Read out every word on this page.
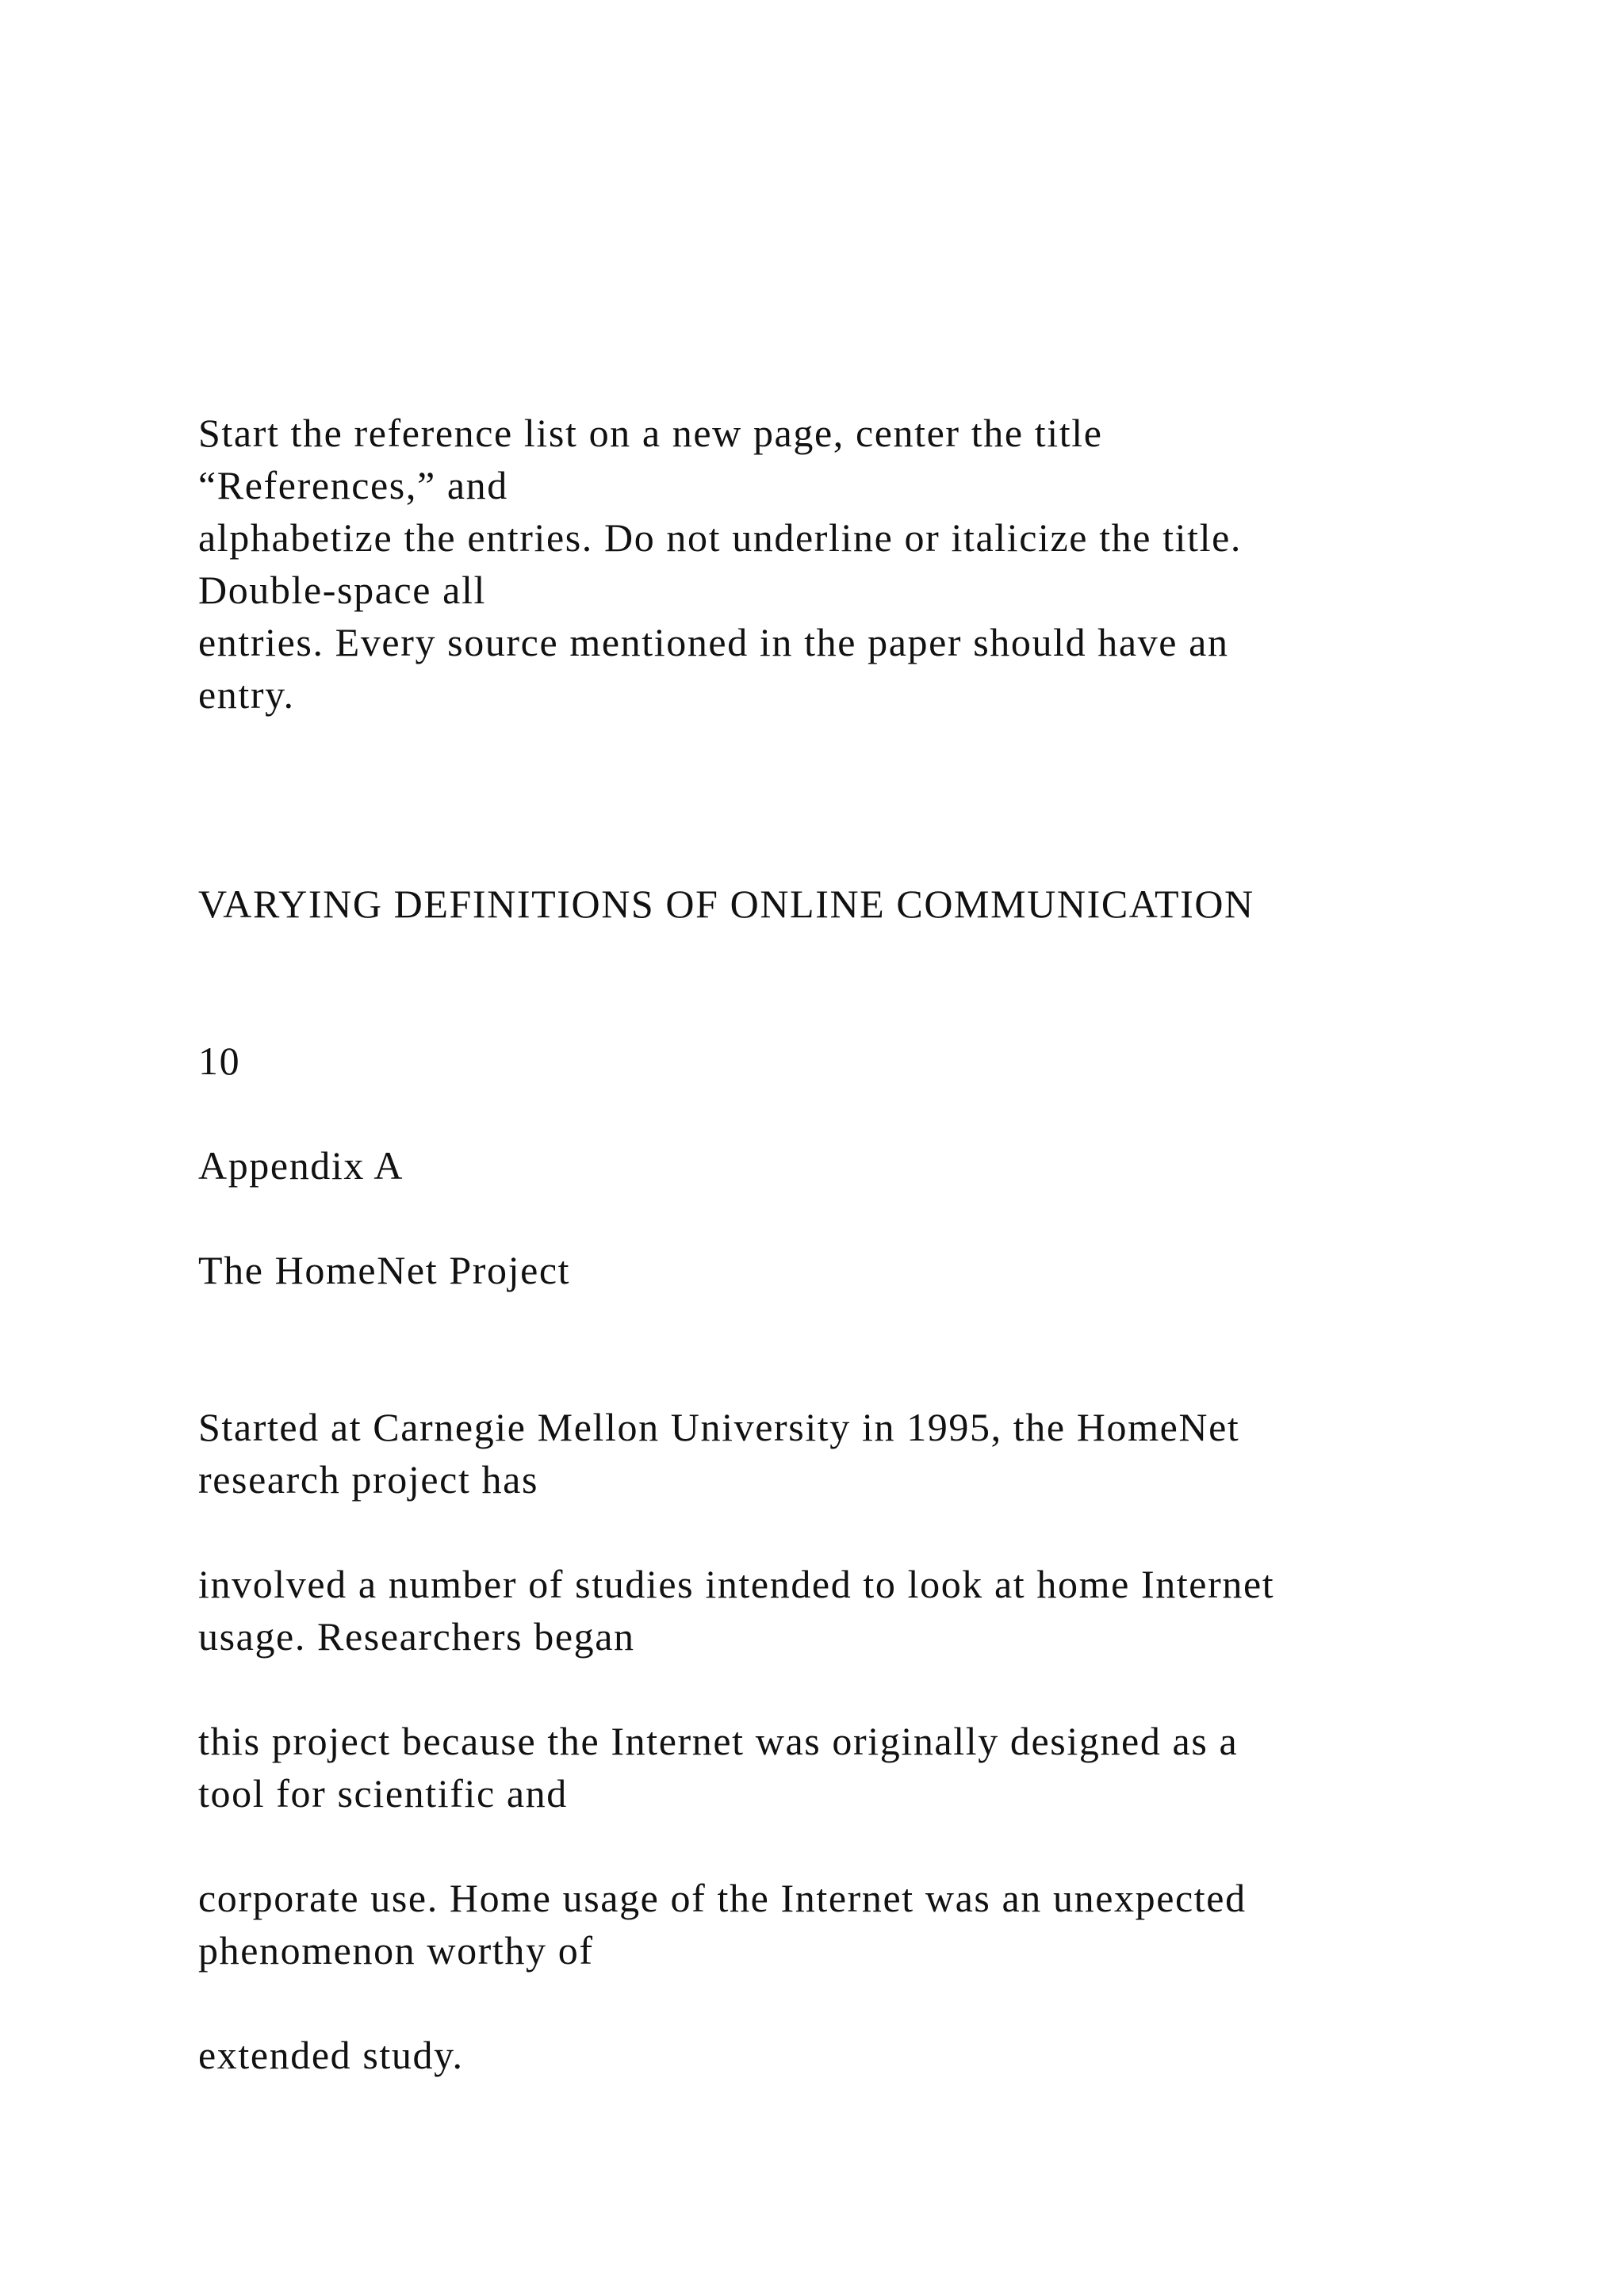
Start the reference list on a new page, center the title

“References,” and

alphabetize the entries. Do not underline or italicize the title.

Double-space all

entries. Every source mentioned in the paper should have an

entry.

VARYING DEFINITIONS OF ONLINE COMMUNICATION

10

Appendix A

The HomeNet Project

Started at Carnegie Mellon University in 1995, the HomeNet

research project has

involved a number of studies intended to look at home Internet

usage. Researchers began

this project because the Internet was originally designed as a

tool for scientific and

corporate use. Home usage of the Internet was an unexpected

phenomenon worthy of

extended study.
